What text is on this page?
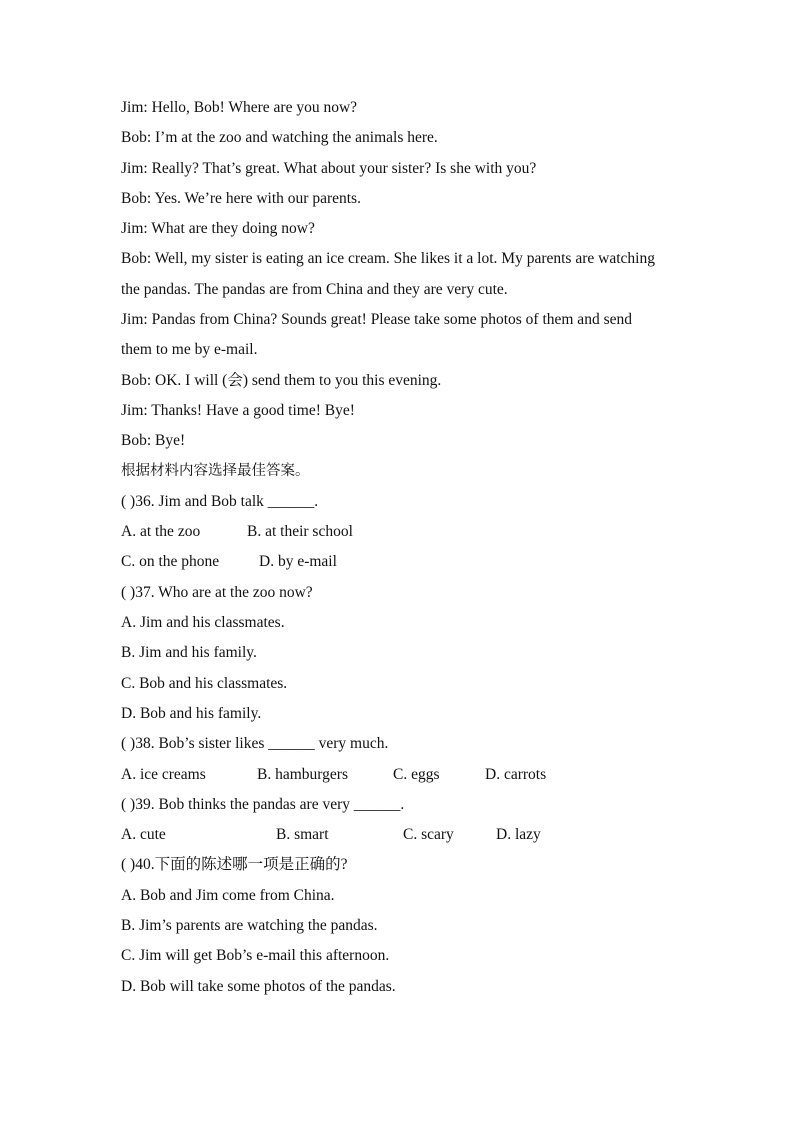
Jim: Hello, Bob! Where are you now?
Bob: I’m at the zoo and watching the animals here.
Jim: Really? That’s great. What about your sister? Is she with you?
Bob: Yes. We’re here with our parents.
Jim: What are they doing now?
Bob: Well, my sister is eating an ice cream. She likes it a lot. My parents are watching
the pandas. The pandas are from China and they are very cute.
Jim: Pandas from China? Sounds great! Please take some photos of them and send
them to me by e-mail.
Bob: OK. I will (会) send them to you this evening.
Jim: Thanks! Have a good time! Bye!
Bob: Bye!
根据材料内容选择最佳答案。
( )36. Jim and Bob talk ______.
A. at the zoo	B. at their school
C. on the phone	D. by e-mail
( )37. Who are at the zoo now?
A. Jim and his classmates.
B. Jim and his family.
C. Bob and his classmates.
D. Bob and his family.
( )38. Bob’s sister likes ______ very much.
A. ice creams	B. hamburgers	C. eggs	D. carrots
( )39. Bob thinks the pandas are very ______.
A. cute	B. smart	C. scary	D. lazy
( )40.下面的陈述哪一项是正确的?
A. Bob and Jim come from China.
B. Jim’s parents are watching the pandas.
C. Jim will get Bob’s e-mail this afternoon.
D. Bob will take some photos of the pandas.
